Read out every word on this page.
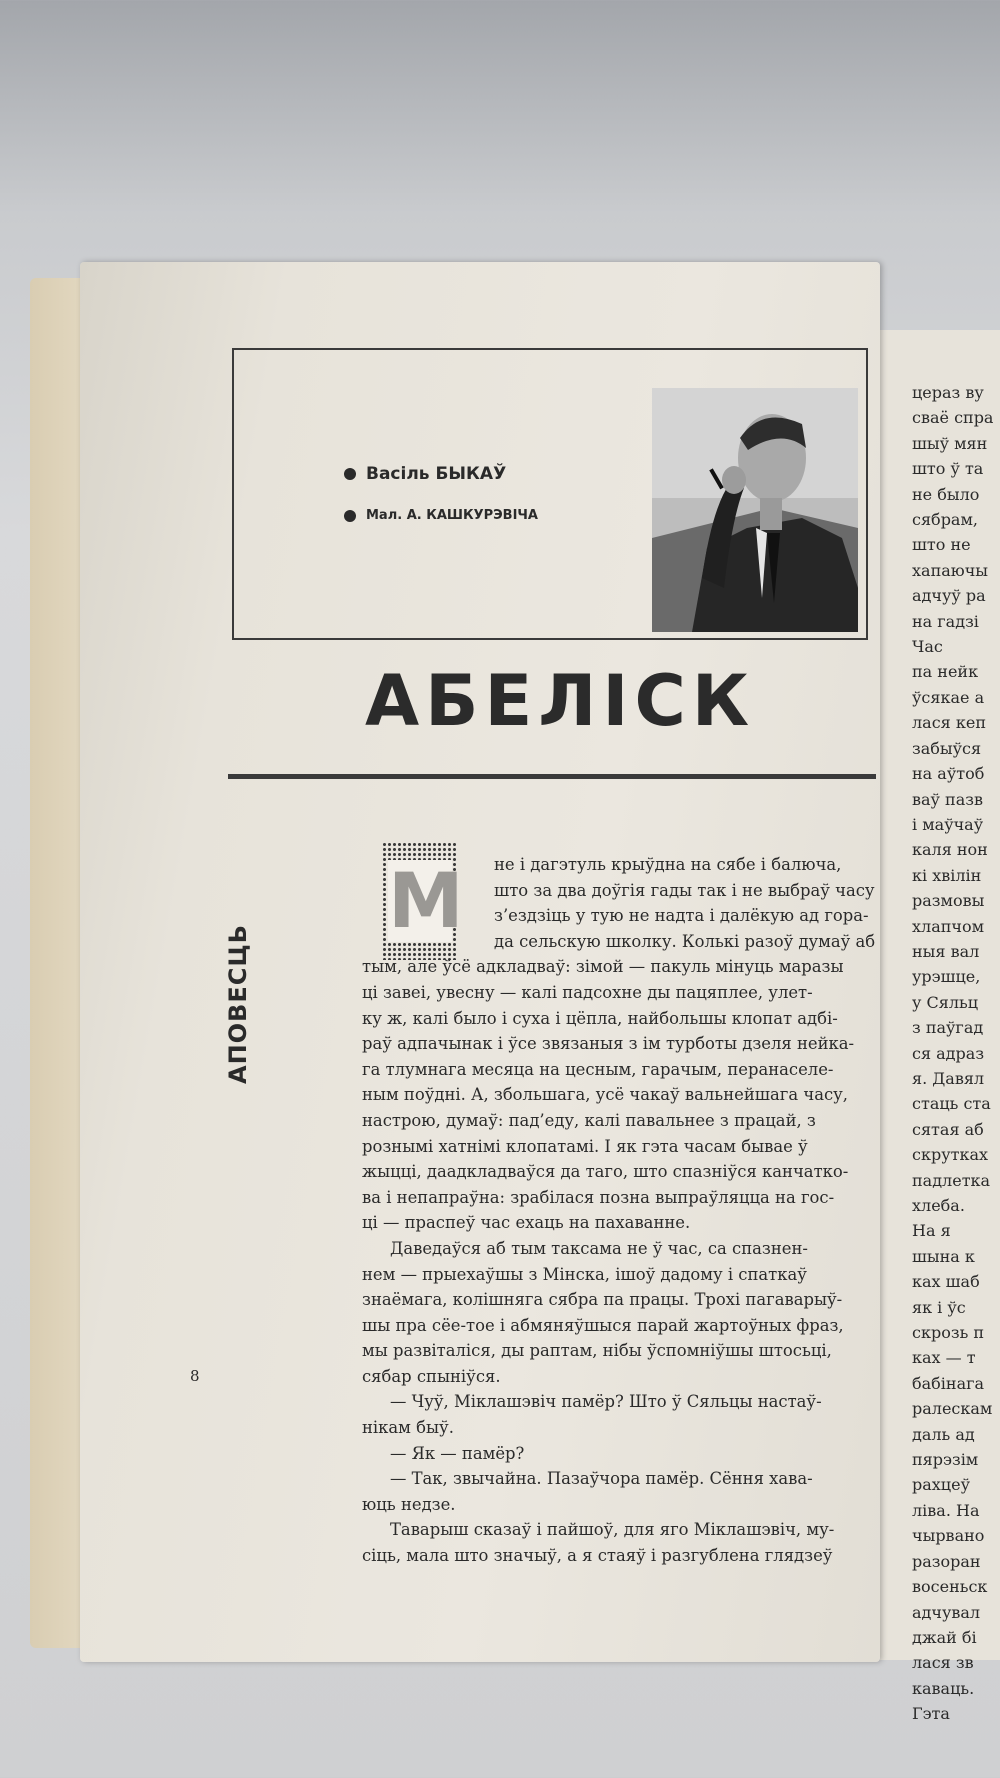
цераз ву
сваё спра
шыў мян
што ў та
не было
сябрам,
што не
хапаючы
адчуў ра
на гадзі
Час
па нейк
ўсякае а
лася кеп
забыўся
на аўтоб
ваў пазв
і маўчаў
каля нон
кі хвілін
размовы
хлапчом
ныя вал
урэшце,
у Сяльц
з паўгад
ся адраз
я. Давял
стаць ста
сятая аб
скрутках
падлетка
хлеба.
На я
шына к
ках шаб
як і ўс
скрозь п
ках — т
бабінага
ралескам
даль ад
пярэзім
рахцеў
ліва. На
чырвано
разоран
восеньск
адчувал
джай бі
лася зв
каваць.
Гэта
Васіль БЫКАЎ
Мал. А. КАШКУРЭВІЧА
АБЕЛІСК
АПОВЕСЦЬ
М	не і дагэтуль крыўдна на сябе і балюча,
што за два доўгія гады так і не выбраў часу
з’ездзіць у тую не надта і далёкую ад гора-
да сельскую школку. Колькі разоў думаў аб
тым, але ўсё адкладваў: зімой — пакуль мінуць маразы
ці завеі, увесну — калі падсохне ды пацяплее, улет-
ку ж, калі было і суха і цёпла, найбольшы клопат адбі-
раў адпачынак і ўсе звязаныя з ім турботы дзеля нейка-
га тлумнага месяца на цесным, гарачым, перанаселе-
ным поўдні. А, збольшага, усё чакаў вальнейшага часу,
настрою, думаў: пад’еду, калі павальнее з працай, з
рознымі хатнімі клопатамі. І як гэта часам бывае ў
жыцці, даадкладваўся да таго, што спазніўся канчатко-
ва і непапраўна: зрабілася позна выпраўляцца на гос-
ці — праспеў час ехаць на пахаванне.
Даведаўся аб тым таксама не ў час, са спазнен-
нем — прыехаўшы з Мінска, ішоў дадому і спаткаў
знаёмага, колішняга сябра па працы. Трохі пагаварыў-
шы пра сёе-тое і абмяняўшыся парай жартоўных фраз,
мы развіталіся, ды раптам, нібы ўспомніўшы штосьці,
сябар спыніўся.
— Чуў, Міклашэвіч памёр? Што ў Сяльцы настаў-
нікам быў.
— Як — памёр?
— Так, звычайна. Пазаўчора памёр. Сёння хава-
юць недзе.
Таварыш сказаў і пайшоў, для яго Міклашэвіч, му-
сіць, мала што значыў, а я стаяў і разгублена глядзеў
8
